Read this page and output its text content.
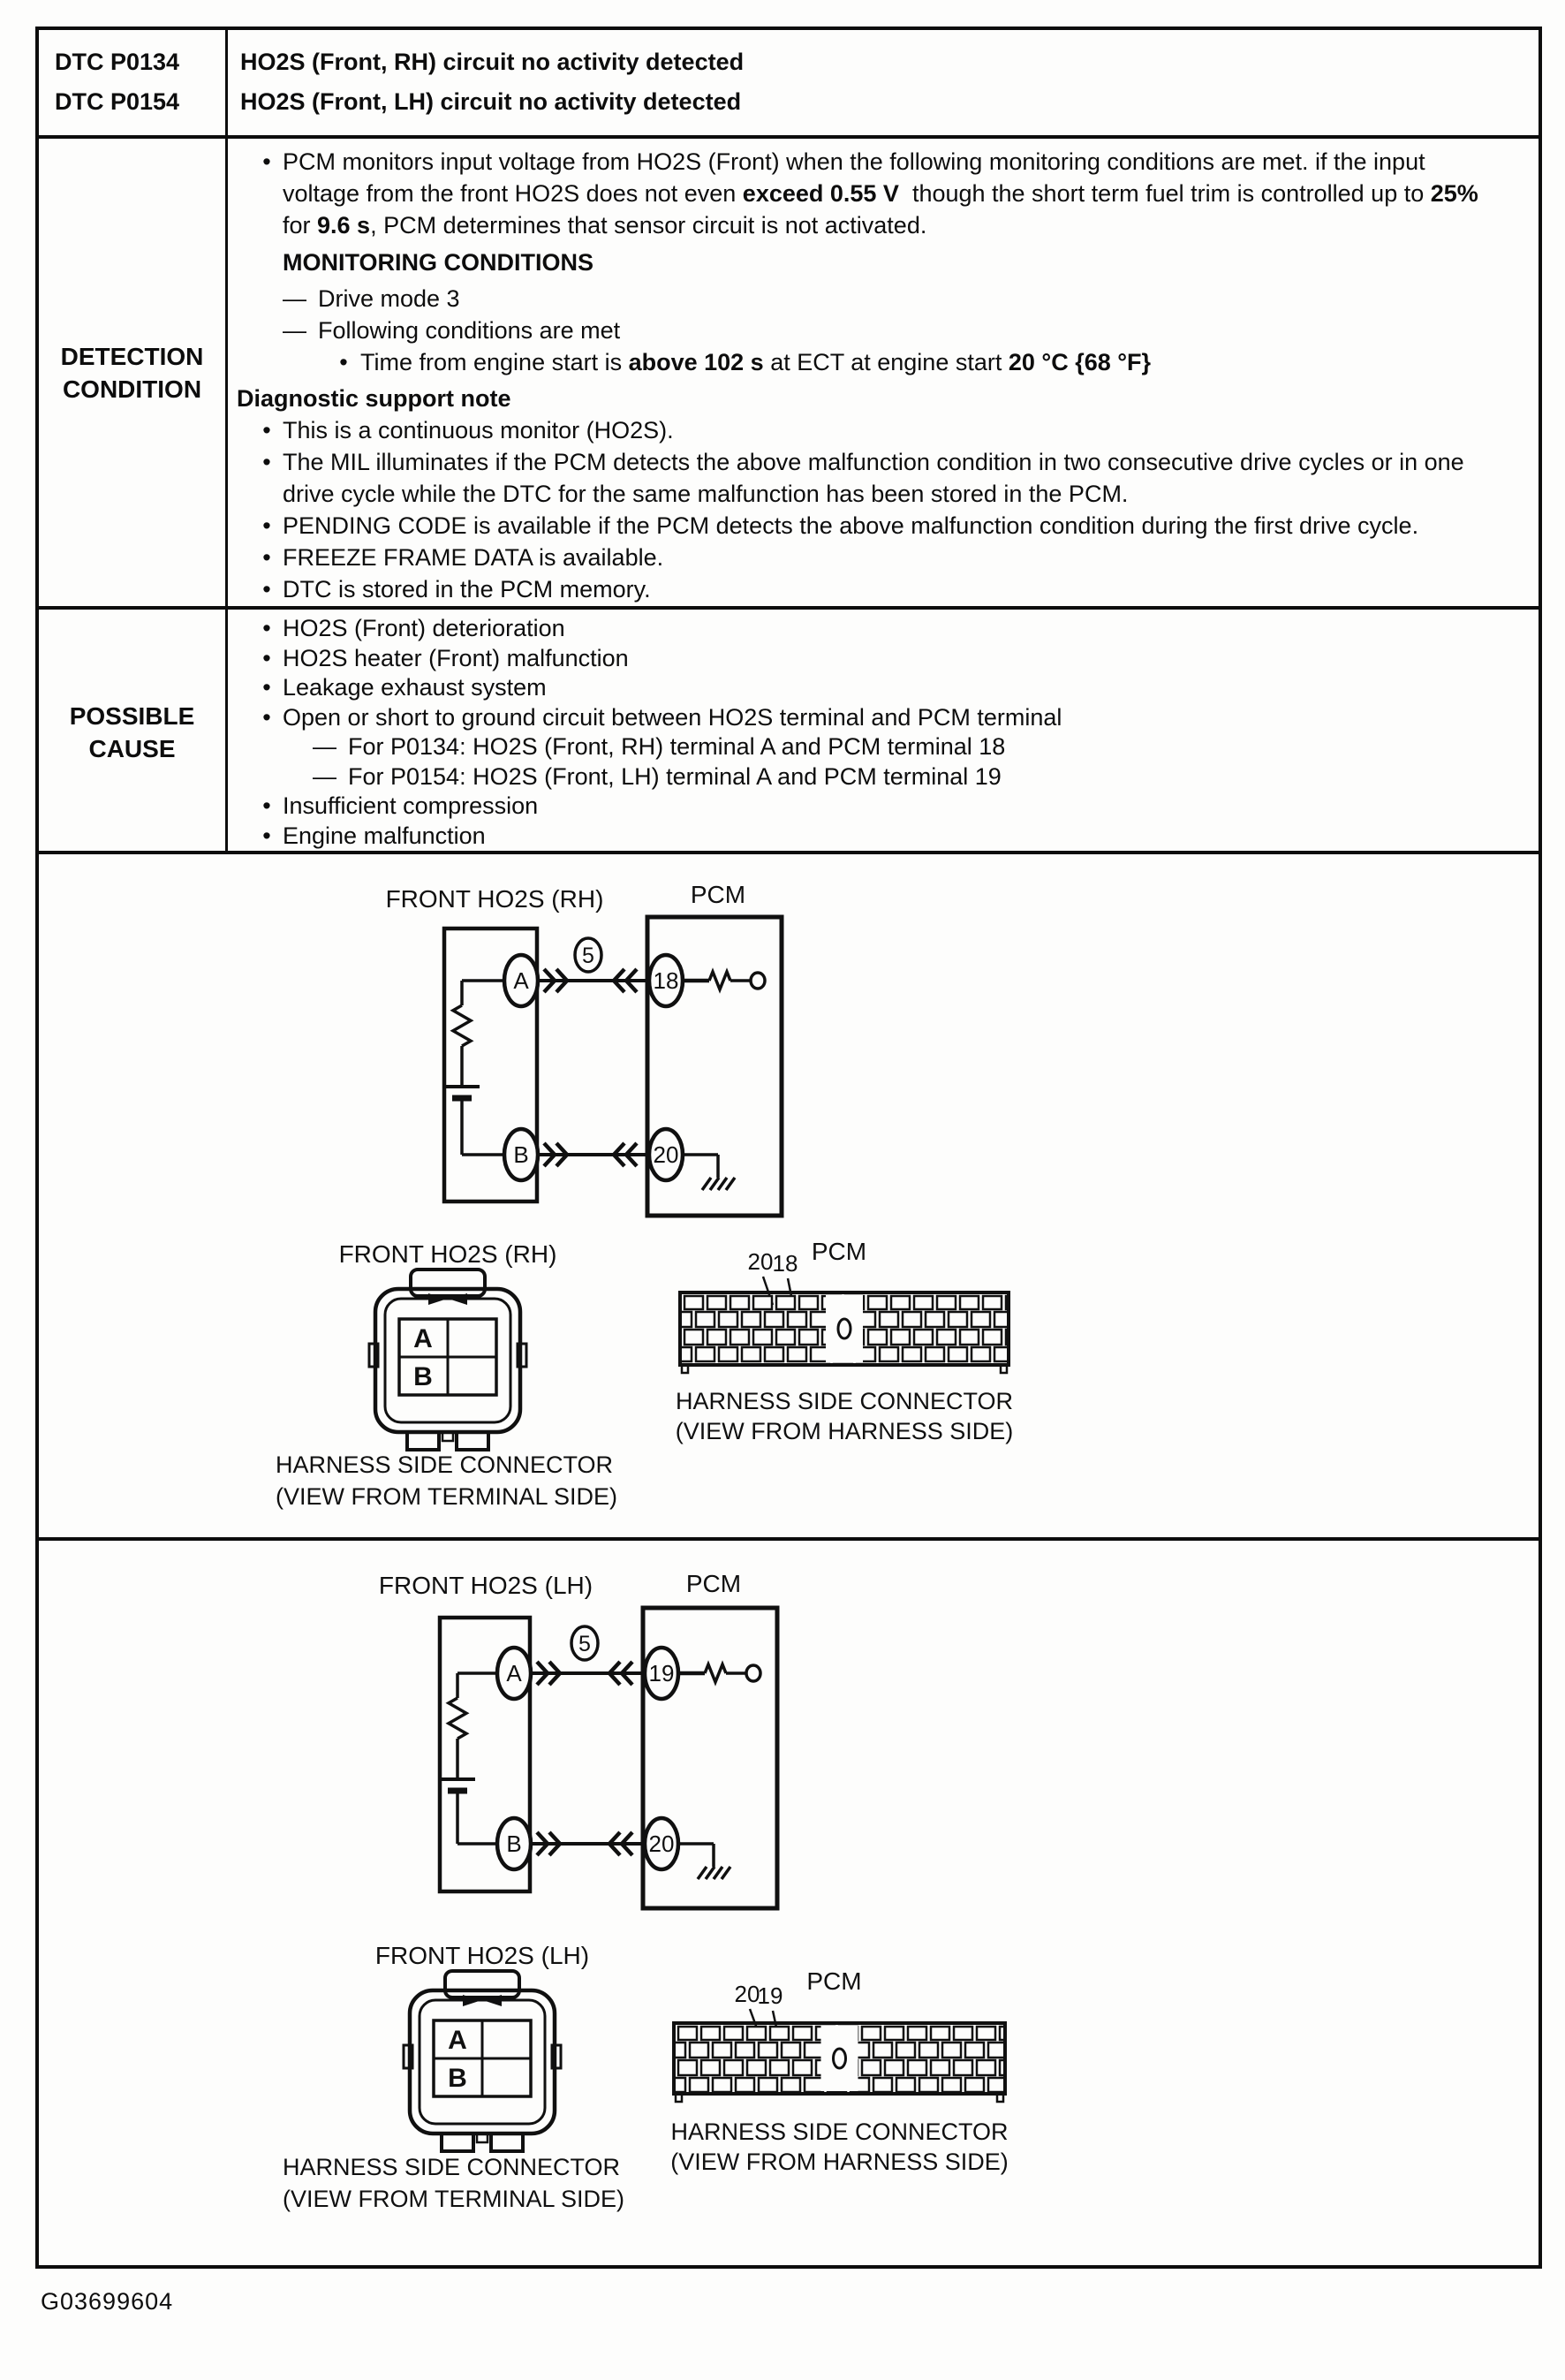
DTC P0134
DTC P0154
HO2S (Front, RH) circuit no activity detected
HO2S (Front, LH) circuit no activity detected
DETECTION
CONDITION
• PCM monitors input voltage from HO2S (Front) when the following monitoring conditions are met. if the input voltage from the front HO2S does not even exceed 0.55 V  though the short term fuel trim is controlled up to 25% for 9.6 s, PCM determines that sensor circuit is not activated.
MONITORING CONDITIONS
— Drive mode 3
— Following conditions are met
• Time from engine start is above 102 s at ECT at engine start 20 °C {68 °F}
Diagnostic support note
• This is a continuous monitor (HO2S).
• The MIL illuminates if the PCM detects the above malfunction condition in two consecutive drive cycles or in one drive cycle while the DTC for the same malfunction has been stored in the PCM.
• PENDING CODE is available if the PCM detects the above malfunction condition during the first drive cycle.
• FREEZE FRAME DATA is available.
• DTC is stored in the PCM memory.
POSSIBLE
CAUSE
• HO2S (Front) deterioration
• HO2S heater (Front) malfunction
• Leakage exhaust system
• Open or short to ground circuit between HO2S terminal and PCM terminal
— For P0134: HO2S (Front, RH) terminal A and PCM terminal 18
— For P0154: HO2S (Front, LH) terminal A and PCM terminal 19
• Insufficient compression
• Engine malfunction
FRONT HO2S (RH)	PCM
A
B
18
20
5
FRONT HO2S (RH)
A
B
HARNESS SIDE CONNECTOR
(VIEW FROM TERMINAL SIDE)
PCM
20 18
HARNESS SIDE CONNECTOR
(VIEW FROM HARNESS SIDE)
FRONT HO2S (LH)	PCM
A
B
19
20
5
FRONT HO2S (LH)
A
B
HARNESS SIDE CONNECTOR
(VIEW FROM TERMINAL SIDE)
PCM
20
19
HARNESS SIDE CONNECTOR
(VIEW FROM HARNESS SIDE)
G03699604
